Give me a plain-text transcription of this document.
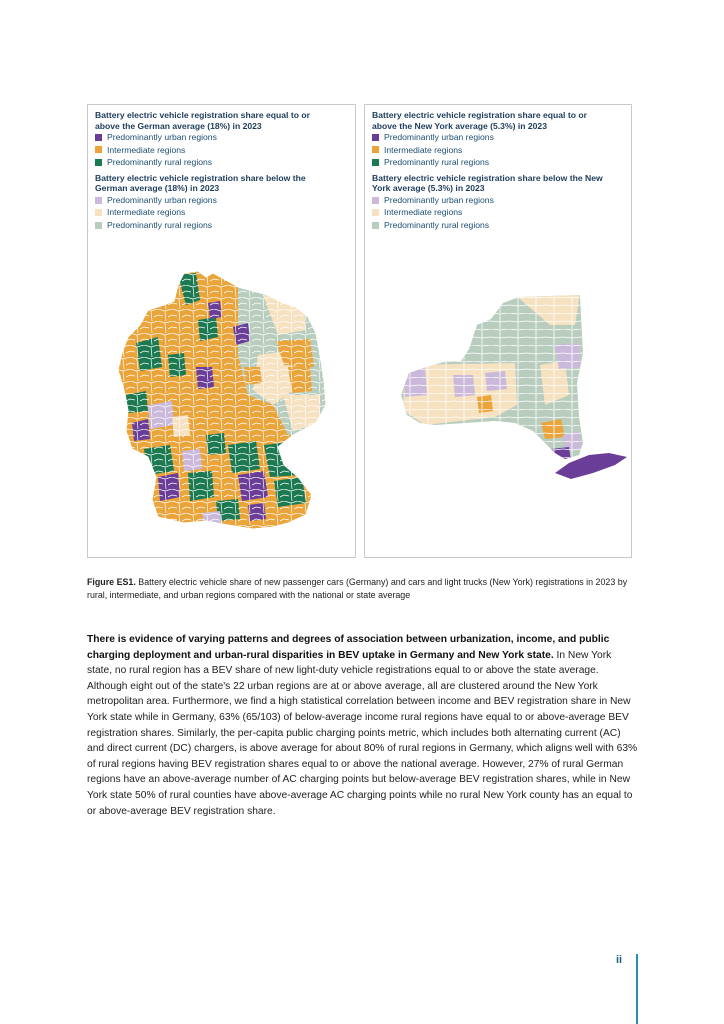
Battery electric vehicle registration share equal to or above the German average (18%) in 2023
Predominantly urban regions
Intermediate regions
Predominantly rural regions
Battery electric vehicle registration share below the German average (18%) in 2023
Predominantly urban regions
Intermediate regions
Predominantly rural regions
Battery electric vehicle registration share equal to or above the New York average (5.3%) in 2023
Predominantly urban regions
Intermediate regions
Predominantly rural regions
Battery electric vehicle registration share below the New York average (5.3%) in 2023
Predominantly urban regions
Intermediate regions
Predominantly rural regions
Figure ES1. Battery electric vehicle share of new passenger cars (Germany) and cars and light trucks (New York) registrations in 2023 by rural, intermediate, and urban regions compared with the national or state average
There is evidence of varying patterns and degrees of association between urbanization, income, and public charging deployment and urban-rural disparities in BEV uptake in Germany and New York state. In New York state, no rural region has a BEV share of new light-duty vehicle registrations equal to or above the state average. Although eight out of the state's 22 urban regions are at or above average, all are clustered around the New York metropolitan area. Furthermore, we find a high statistical correlation between income and BEV registration share in New York state while in Germany, 63% (65/103) of below-average income rural regions have equal to or above-average BEV registration shares. Similarly, the per-capita public charging points metric, which includes both alternating current (AC) and direct current (DC) chargers, is above average for about 80% of rural regions in Germany, which aligns well with 63% of rural regions having BEV registration shares equal to or above the national average. However, 27% of rural German regions have an above-average number of AC charging points but below-average BEV registration shares, while in New York state 50% of rural counties have above-average AC charging points while no rural New York county has an equal to or above-average BEV registration share.
ii
